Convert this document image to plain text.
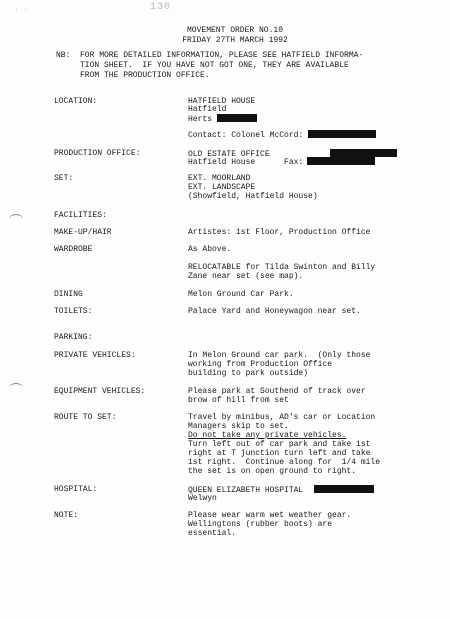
∙ ∙	130
MOVEMENT ORDER NO.10
FRIDAY 27TH MARCH 1992
NB: FOR MORE DETAILED INFORMATION, PLEASE SEE HATFIELD INFORMA-
TION SHEET.  IF YOU HAVE NOT GOT ONE, THEY ARE AVAILABLE
FROM THE PRODUCTION OFFICE.
LOCATION:	HATFIELD HOUSE
Hatfield
Herts
Contact: Colonel McCord:
PRODUCTION OFFICE:	OLD ESTATE OFFICE
Hatfield House	Fax:
SET:	EXT. MOORLAND
EXT. LANDSCAPE
(Showfield, Hatfield House)
FACILITIES:
MAKE-UP/HAIR	Artistes: 1st Floor, Production Office
WARDROBE	As Above.
RELOCATABLE for Tilda Swinton and Billy
Zane near set (see map).
DINING	Melon Ground Car Park.
TOILETS:	Palace Yard and Honeywagon near set.
PARKING:
PRIVATE VEHICLES:	In Melon Ground car park.  (Only those
working from Production Office
building to park outside)
EQUIPMENT VEHICLES:	Please park at Southend of track over
brow of hill from set
ROUTE TO SET:	Travel by minibus, AD's car or Location
Managers skip to set.
Do not take any private vehicles.
Turn left out of car park and take 1st
right at T junction turn left and take
1st right.  Continue along for  1/4 mile
the set is on open ground to right.
HOSPITAL:	QUEEN ELIZABETH HOSPITAL
Welwyn
NOTE:	Please wear warm wet weather gear.
Wellingtons (rubber boots) are
essential.
